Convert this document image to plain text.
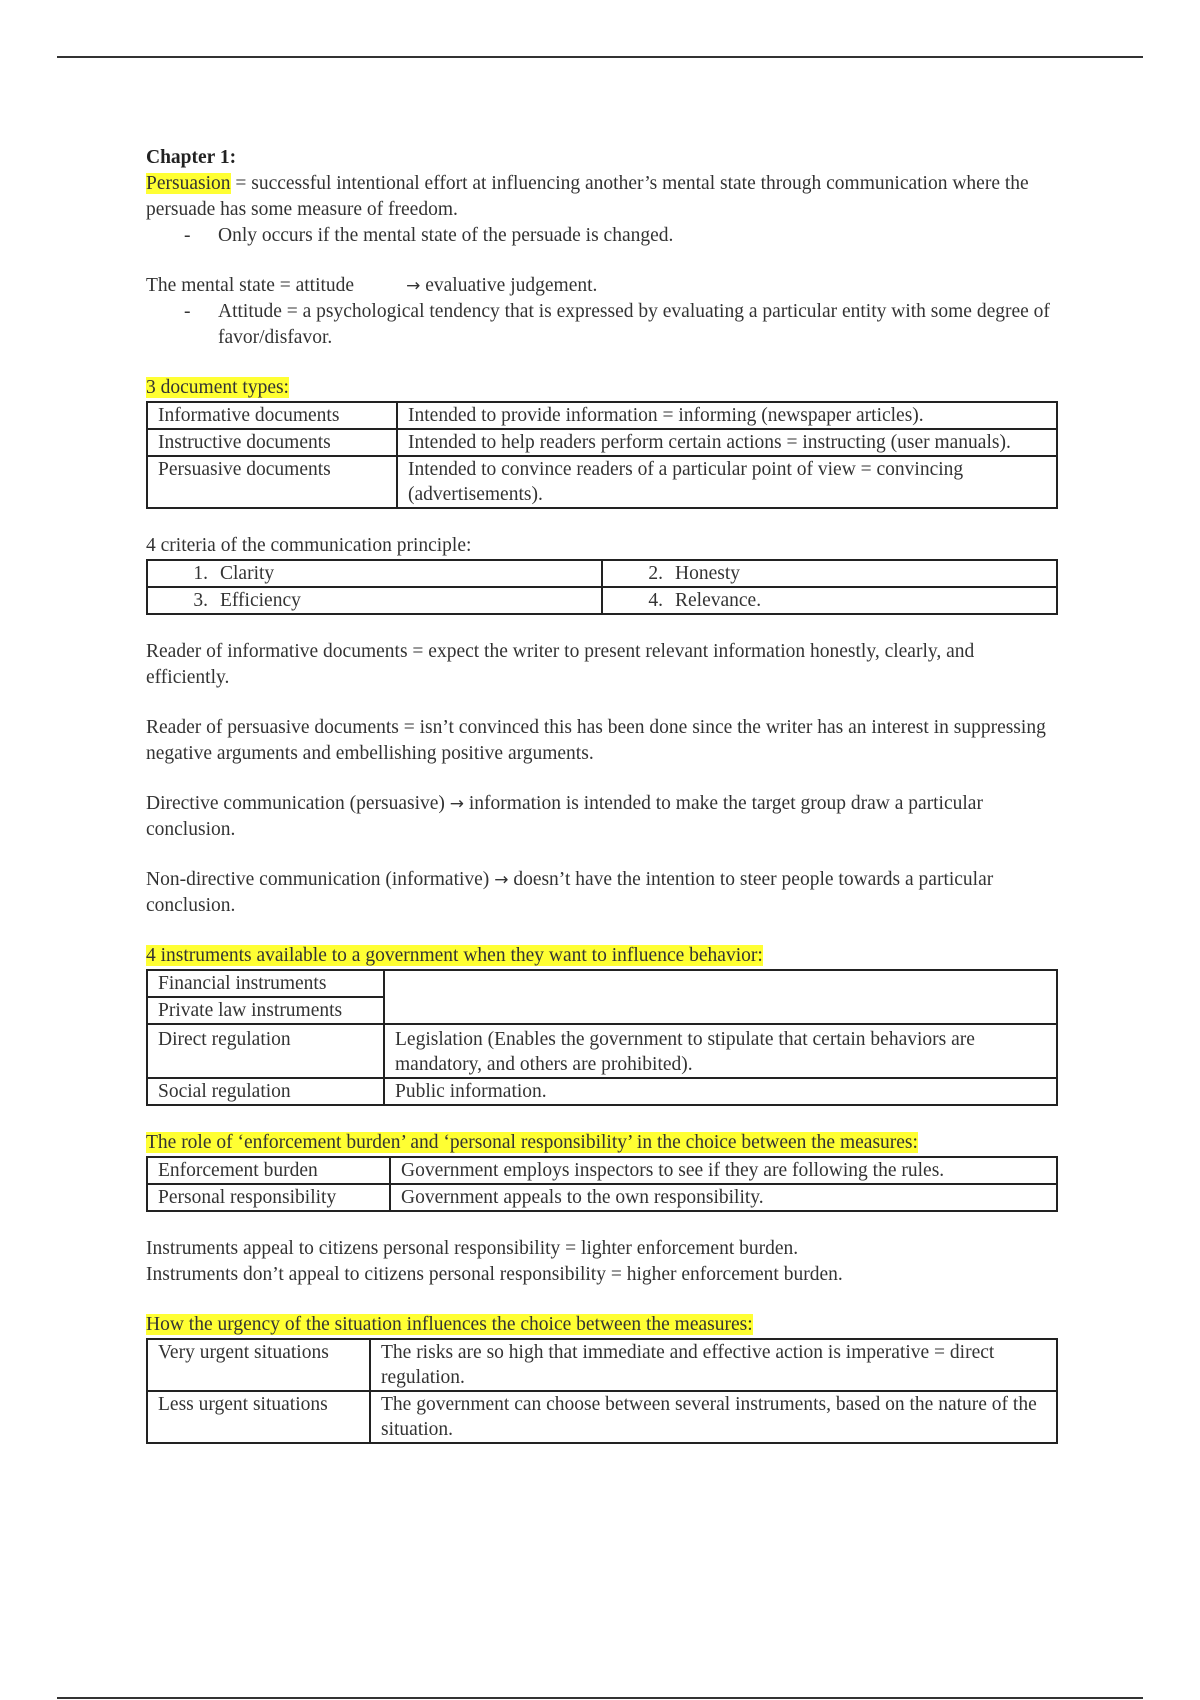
Chapter 1:

Persuasion = successful intentional effort at influencing another’s mental state through communication where the persuade has some measure of freedom.

- Only occurs if the mental state of the persuade is changed.

The mental state = attitude	→ evaluative judgement.

- Attitude = a psychological tendency that is expressed by evaluating a particular entity with some degree of favor/disfavor.

3 document types:

Informative documents	Intended to provide information = informing (newspaper articles).
Instructive documents	Intended to help readers perform certain actions = instructing (user manuals).
Persuasive documents	Intended to convince readers of a particular point of view = convincing (advertisements).

4 criteria of the communication principle:

1. Clarity	2. Honesty
3. Efficiency	4. Relevance.

Reader of informative documents = expect the writer to present relevant information honestly, clearly, and efficiently.

Reader of persuasive documents = isn’t convinced this has been done since the writer has an interest in suppressing negative arguments and embellishing positive arguments.

Directive communication (persuasive) → information is intended to make the target group draw a particular conclusion.

Non-directive communication (informative) → doesn’t have the intention to steer people towards a particular conclusion.

4 instruments available to a government when they want to influence behavior:

Financial instruments	
Private law instruments	
Direct regulation	Legislation (Enables the government to stipulate that certain behaviors are mandatory, and others are prohibited).
Social regulation	Public information.

The role of ‘enforcement burden’ and ‘personal responsibility’ in the choice between the measures:

Enforcement burden	Government employs inspectors to see if they are following the rules.
Personal responsibility	Government appeals to the own responsibility.

Instruments appeal to citizens personal responsibility = lighter enforcement burden.

Instruments don’t appeal to citizens personal responsibility = higher enforcement burden.

How the urgency of the situation influences the choice between the measures:

Very urgent situations	The risks are so high that immediate and effective action is imperative = direct regulation.
Less urgent situations	The government can choose between several instruments, based on the nature of the situation.
